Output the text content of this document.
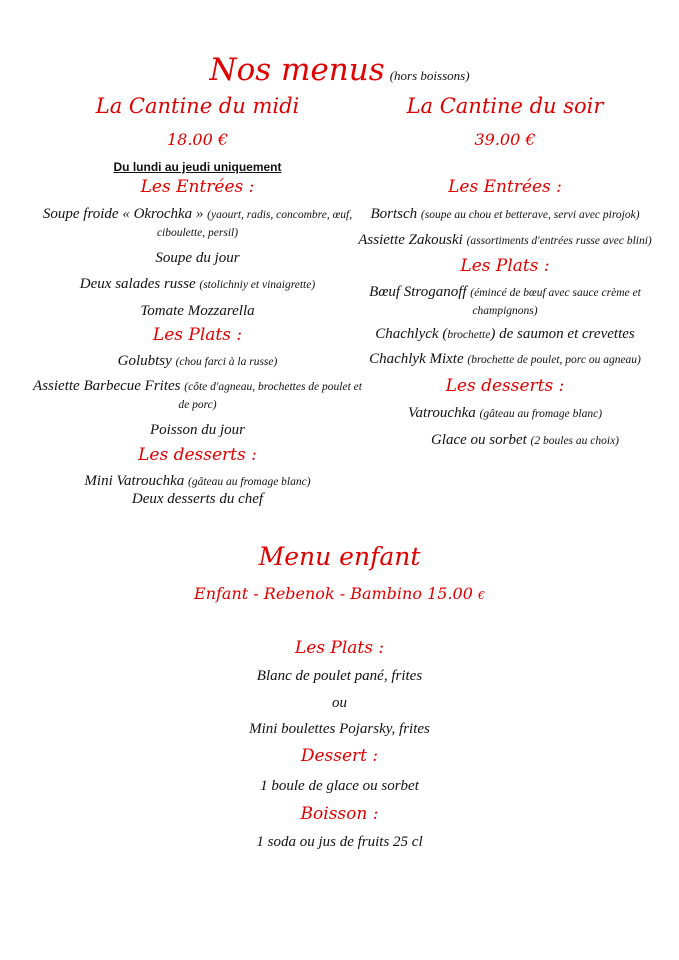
Nos menus (hors boissons)
La Cantine du midi
18.00 €
Du lundi au jeudi uniquement
Les Entrées :
Soupe froide « Okrochka » (yaourt, radis, concombre, œuf, ciboulette, persil)
Soupe du jour
Deux salades russe (stolichniy et vinaigrette)
Tomate Mozzarella
Les Plats :
Golubtsy (chou farci à la russe)
Assiette Barbecue Frites (côte d'agneau, brochettes de poulet et de porc)
Poisson du jour
Les desserts :
Mini Vatrouchka (gâteau au fromage blanc)
Deux desserts du chef
La Cantine du soir
39.00 €
Les Entrées :
Bortsch (soupe au chou et betterave, servi avec pirojok)
Assiette Zakouski (assortiments d'entrées russe avec blini)
Les Plats :
Bœuf Stroganoff (émincé de bœuf avec sauce crème et champignons)
Chachlyck (brochette) de saumon et crevettes
Chachlyk Mixte (brochette de poulet, porc ou agneau)
Les desserts :
Vatrouchka (gâteau au fromage blanc)
Glace ou sorbet (2 boules au choix)
Menu enfant
Enfant - Rebenok - Bambino 15.00 €
Les Plats :
Blanc de poulet pané, frites
ou
Mini boulettes Pojarsky, frites
Dessert :
1 boule de glace ou sorbet
Boisson :
1 soda ou jus de fruits 25 cl
